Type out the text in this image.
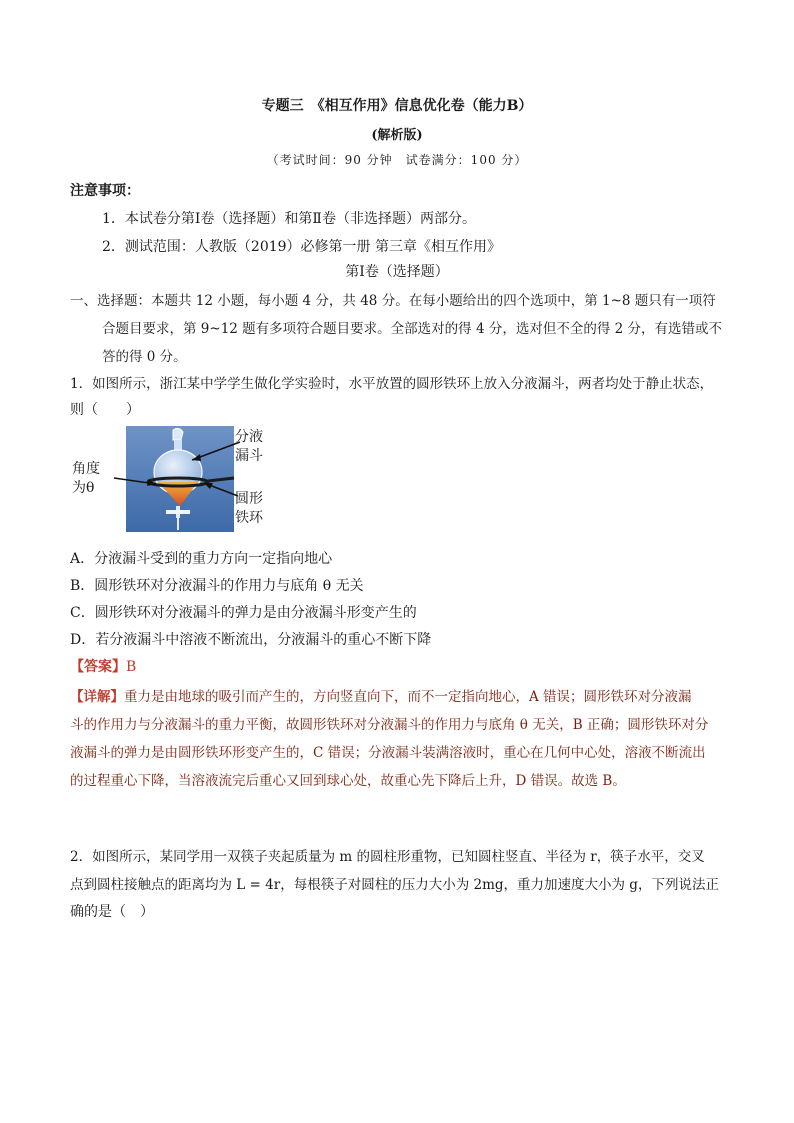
专题三　《相互作用》信息优化卷（能力B）
(解析版)
（考试时间：90 分钟　试卷满分：100 分）
注意事项：
1．本试卷分第Ⅰ卷（选择题）和第Ⅱ卷（非选择题）两部分。
2．测试范围：人教版（2019）必修第一册 第三章《相互作用》
第Ⅰ卷（选择题）
一、选择题：本题共 12 小题，每小题 4 分，共 48 分。在每小题给出的四个选项中，第 1~8 题只有一项符
合题目要求，第 9~12 题有多项符合题目要求。全部选对的得 4 分，选对但不全的得 2 分，有选错或不
答的得 0 分。
1．如图所示，浙江某中学学生做化学实验时，水平放置的圆形铁环上放入分液漏斗，两者均处于静止状态，
则（　　）
分液
漏斗
角度
为θ
圆形
铁环
A．分液漏斗受到的重力方向一定指向地心
B．圆形铁环对分液漏斗的作用力与底角 θ 无关
C．圆形铁环对分液漏斗的弹力是由分液漏斗形变产生的
D．若分液漏斗中溶液不断流出，分液漏斗的重心不断下降
【答案】B
【详解】重力是由地球的吸引而产生的，方向竖直向下，而不一定指向地心，A 错误；圆形铁环对分液漏
斗的作用力与分液漏斗的重力平衡，故圆形铁环对分液漏斗的作用力与底角 θ 无关，B 正确；圆形铁环对分
液漏斗的弹力是由圆形铁环形变产生的，C 错误；分液漏斗装满溶液时，重心在几何中心处，溶液不断流出
的过程重心下降，当溶液流完后重心又回到球心处，故重心先下降后上升，D 错误。故选 B。
2．如图所示，某同学用一双筷子夹起质量为 m 的圆柱形重物，已知圆柱竖直、半径为 r，筷子水平，交叉
点到圆柱接触点的距离均为 L = 4r，每根筷子对圆柱的压力大小为 2mg，重力加速度大小为 g，下列说法正
确的是（　）
